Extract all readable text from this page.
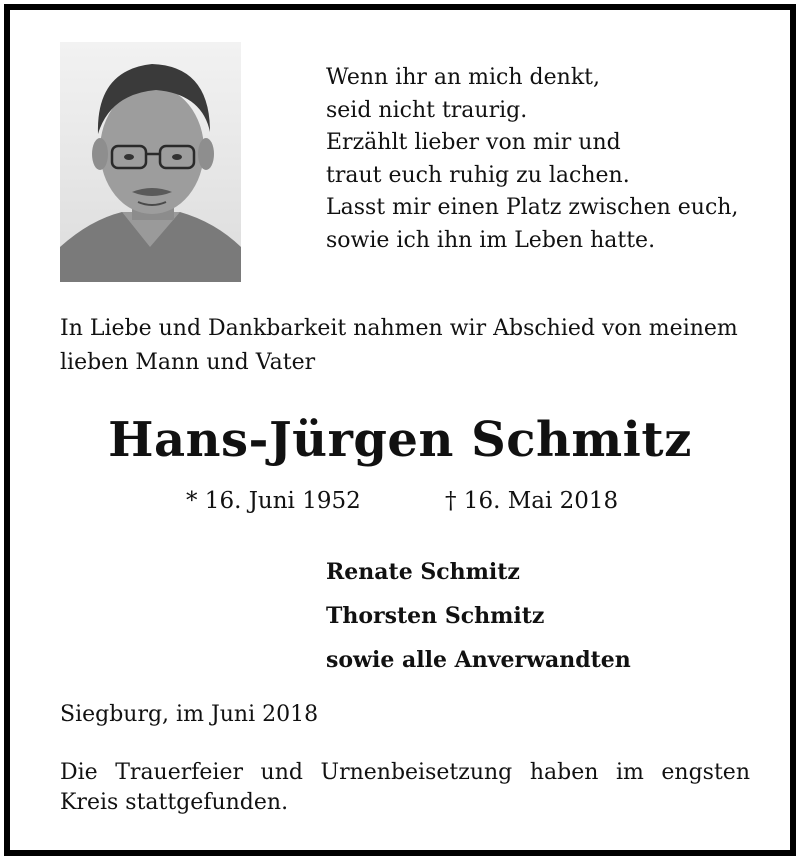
Wenn ihr an mich denkt,
seid nicht traurig.
Erzählt lieber von mir und
traut euch ruhig zu lachen.
Lasst mir einen Platz zwischen euch,
sowie ich ihn im Leben hatte.
In Liebe und Dankbarkeit nahmen wir Abschied von meinem lieben Mann und Vater
Hans-Jürgen Schmitz
* 16. Juni 1952	† 16. Mai 2018
Renate Schmitz
Thorsten Schmitz
sowie alle Anverwandten
Siegburg, im Juni 2018
Die Trauerfeier und Urnenbeisetzung haben im engsten Kreis stattgefunden.
